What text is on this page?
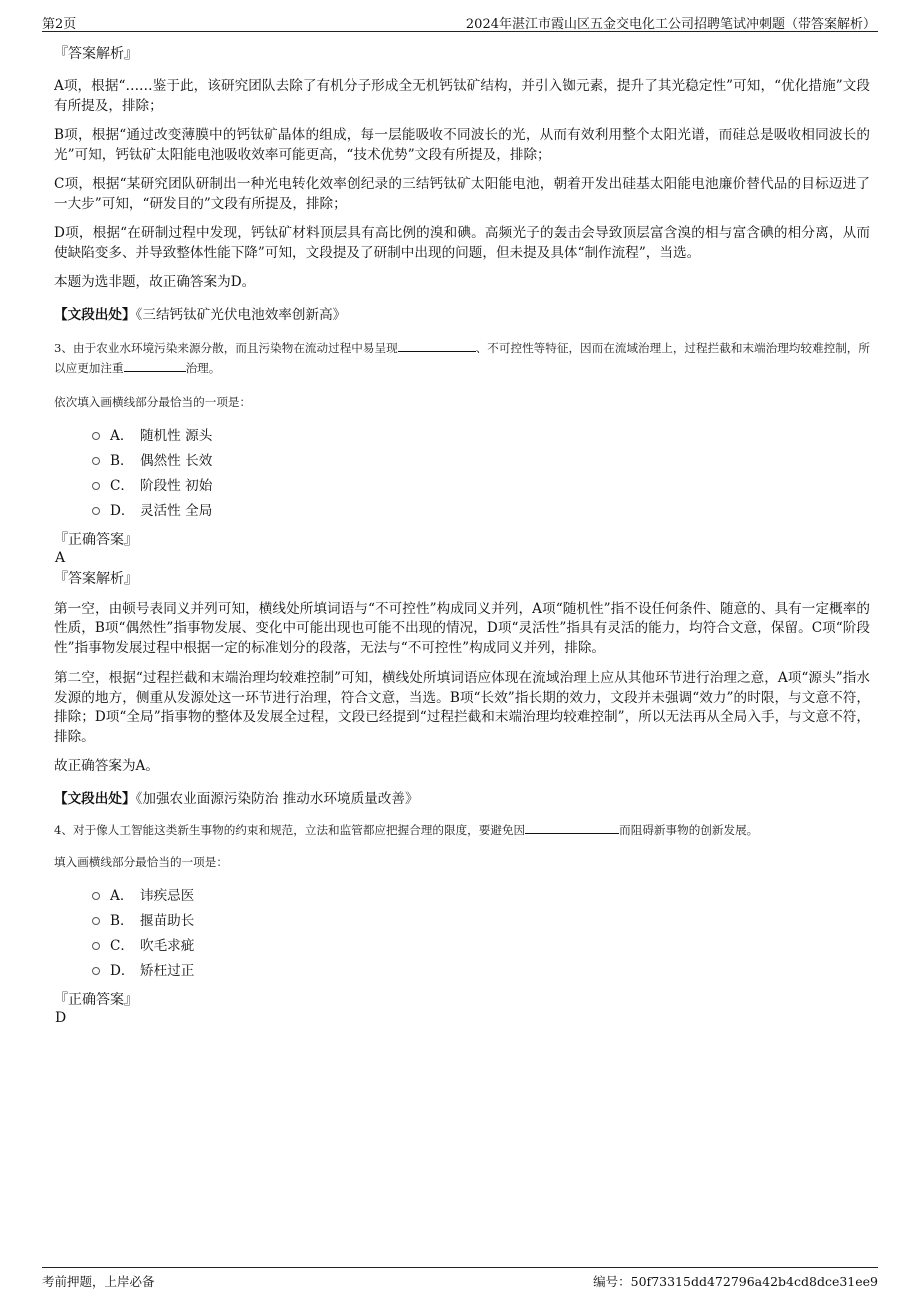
第2页	2024年湛江市霞山区五金交电化工公司招聘笔试冲刺题（带答案解析）

『答案解析』

A项，根据“……鉴于此，该研究团队去除了有机分子形成全无机钙钛矿结构，并引入铷元素，提升了其光稳定性”可知，“优化措施”文段有所提及，排除；

B项，根据“通过改变薄膜中的钙钛矿晶体的组成，每一层能吸收不同波长的光，从而有效利用整个太阳光谱，而硅总是吸收相同波长的光”可知，钙钛矿太阳能电池吸收效率可能更高，“技术优势”文段有所提及，排除；

C项，根据“某研究团队研制出一种光电转化效率创纪录的三结钙钛矿太阳能电池，朝着开发出硅基太阳能电池廉价替代品的目标迈进了一大步”可知，“研发目的”文段有所提及，排除；

D项，根据“在研制过程中发现，钙钛矿材料顶层具有高比例的溴和碘。高频光子的轰击会导致顶层富含溴的相与富含碘的相分离，从而使缺陷变多、并导致整体性能下降”可知，文段提及了研制中出现的问题，但未提及具体“制作流程”，当选。

本题为选非题，故正确答案为D。

【文段出处】《三结钙钛矿光伏电池效率创新高》

3、由于农业水环境污染来源分散，而且污染物在流动过程中易呈现	、不可控性等特征，因而在流域治理上，过程拦截和末端治理均较难控制，所以应更加注重	治理。

依次填入画横线部分最恰当的一项是：

A． 随机性 源头
B． 偶然性 长效
C． 阶段性 初始
D． 灵活性 全局

『正确答案』

A

『答案解析』

第一空，由顿号表同义并列可知，横线处所填词语与“不可控性”构成同义并列，A项“随机性”指不设任何条件、随意的、具有一定概率的性质，B项“偶然性”指事物发展、变化中可能出现也可能不出现的情况，D项“灵活性”指具有灵活的能力，均符合文意，保留。C项“阶段性”指事物发展过程中根据一定的标准划分的段落，无法与“不可控性”构成同义并列，排除。

第二空，根据“过程拦截和末端治理均较难控制”可知，横线处所填词语应体现在流域治理上应从其他环节进行治理之意，A项“源头”指水发源的地方，侧重从发源处这一环节进行治理，符合文意，当选。B项“长效”指长期的效力，文段并未强调“效力”的时限，与文意不符，排除；D项“全局”指事物的整体及发展全过程，文段已经提到“过程拦截和末端治理均较难控制”，所以无法再从全局入手，与文意不符，排除。

故正确答案为A。

【文段出处】《加强农业面源污染防治 推动水环境质量改善》

4、对于像人工智能这类新生事物的约束和规范，立法和监管都应把握合理的限度，要避免因	而阻碍新事物的创新发展。

填入画横线部分最恰当的一项是：

A． 讳疾忌医
B． 揠苗助长
C． 吹毛求疵
D． 矫枉过正

『正确答案』

D

考前押题，上岸必备	编号：50f73315dd472796a42b4cd8dce31ee9
